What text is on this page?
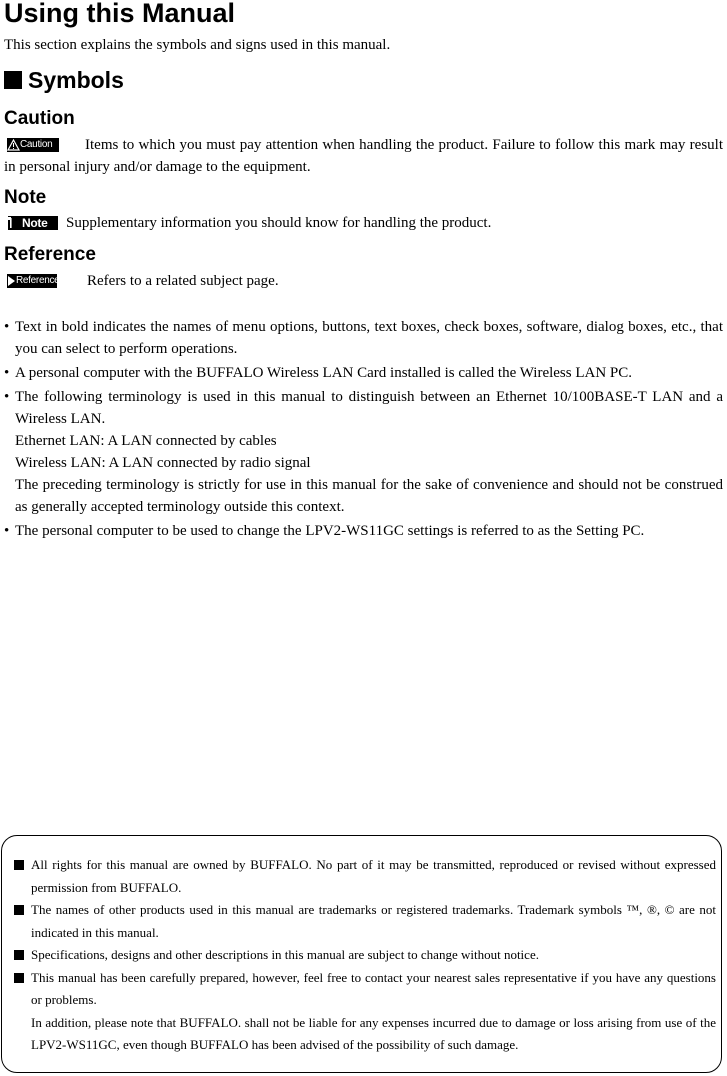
Using this Manual

This section explains the symbols and signs used in this manual.

Symbols
Caution

Caution Items to which you must pay attention when handling the product. Failure to follow this mark may result in personal injury and/or damage to the equipment.

Note

Note Supplementary information you should know for handling the product.

Reference

Reference Refers to a related subject page.

• Text in bold indicates the names of menu options, buttons, text boxes, check boxes, software, dialog boxes, etc., that you can select to perform operations.
• A personal computer with the BUFFALO Wireless LAN Card installed is called the Wireless LAN PC.
• The following terminology is used in this manual to distinguish between an Ethernet 10/100BASE-T LAN and a Wireless LAN.
Ethernet LAN: A LAN connected by cables
Wireless LAN: A LAN connected by radio signal
The preceding terminology is strictly for use in this manual for the sake of convenience and should not be construed as generally accepted terminology outside this context.
• The personal computer to be used to change the LPV2-WS11GC settings is referred to as the Setting PC.
All rights for this manual are owned by BUFFALO. No part of it may be transmitted, reproduced or revised without expressed permission from BUFFALO.
The names of other products used in this manual are trademarks or registered trademarks. Trademark symbols ™, ®, © are not indicated in this manual.
Specifications, designs and other descriptions in this manual are subject to change without notice.
This manual has been carefully prepared, however, feel free to contact your nearest sales representative if you have any questions or problems.
In addition, please note that BUFFALO. shall not be liable for any expenses incurred due to damage or loss arising from use of the LPV2-WS11GC, even though BUFFALO has been advised of the possibility of such damage.
